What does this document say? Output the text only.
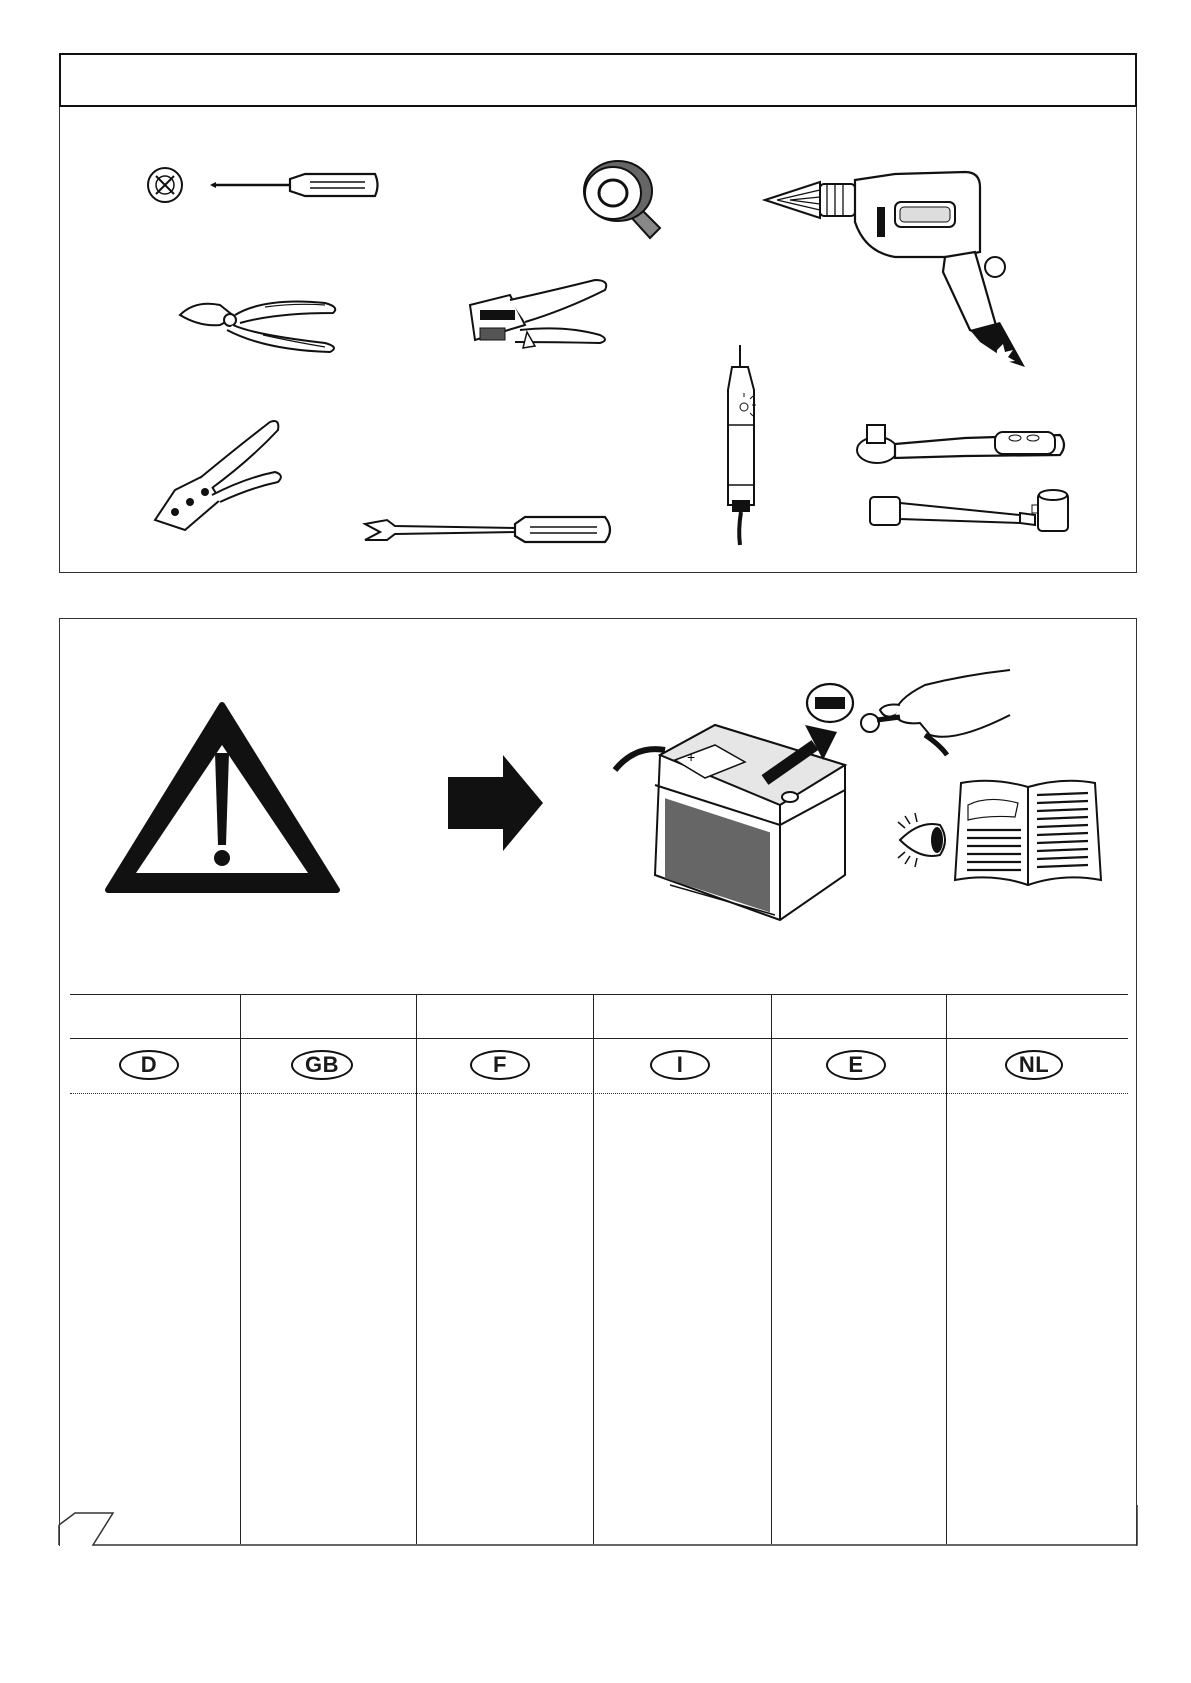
+
D	GB	F	I	E	NL
